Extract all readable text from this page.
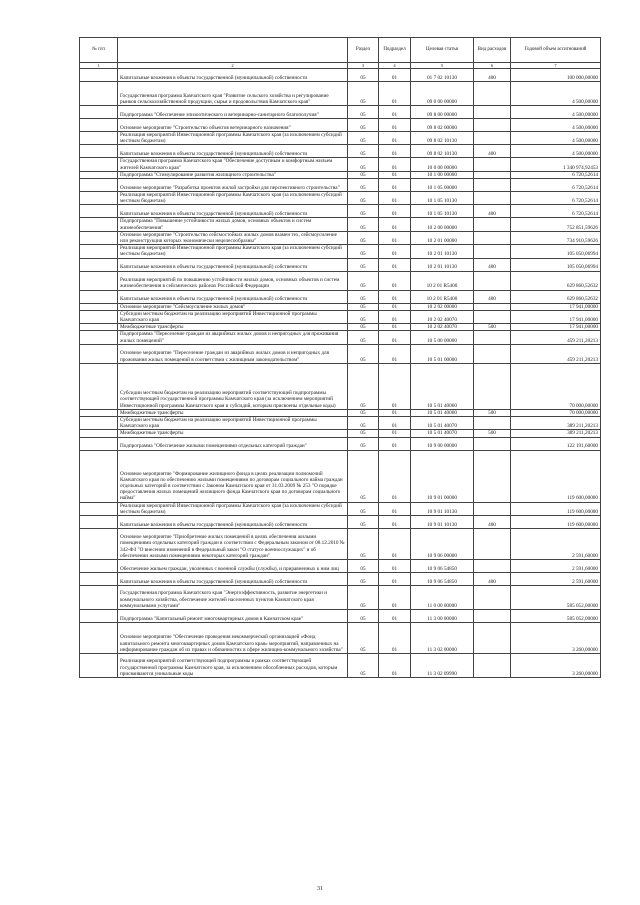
№ п/п		Раздел	Подраздел	Целевая статья	Вид расходов	Годовой объем ассигнований
1	2	3	4	5	6	7
	Капитальные вложения в объекты государственной (муниципальной) собственности	05	01	01 7 02 10130	400	100 000,00000
	Государственная программа Камчатского края "Развитие сельского хозяйства и регулирование рынков сельскохозяйственной продукции, сырья и продовольствия Камчатского края"	05	01	09 0 00 00000		4 500,00000
	Подпрограмма "Обеспечение эпизоотического и ветеринарно-санитарного благополучия"	05	01	09 8 00 00000		4 500,00000
	Основное мероприятие "Строительство объектов ветеринарного назначения"	05	01	09 8 02 00000		4 500,00000
	Реализация мероприятий Инвестиционной программы Камчатского края (за исключением субсидий местным бюджетам)	05	01	09 8 02 10130		4 500,00000
	Капитальные вложения в объекты государственной (муниципальной) собственности	05	01	09 8 02 10130	400	4 500,00000
	Государственная программа Камчатского края "Обеспечение доступным и комфортным жильем жителей Камчатского края"	05	01	10 0 00 00000		1 340 974,92453
	Подпрограмма "Стимулирование развития жилищного строительства"	05	01	10 1 00 00000		6 720,52614
	Основное мероприятие "Разработка проектов жилой застройки для перспективного строительства"	05	01	10 1 05 00000		6 720,52614
	Реализация мероприятий Инвестиционной программы Камчатского края (за исключением субсидий местным бюджетам)	05	01	10 1 05 10130		6 720,52614
	Капитальные вложения в объекты государственной (муниципальной) собственности	05	01	10 1 05 10130	400	6 720,52614
	Подпрограмма "Повышение устойчивости жилых домов, основных объектов и систем жизнеобеспечения"	05	01	10 2 00 00000		752 851,59626
	Основное мероприятие "Строительство сейсмостойких жилых домов взамен тех, сейсмоусиление или реконструкция которых экономически нецелесообразны"	05	01	10 2 01 00000		734 910,59626
	Реализация мероприятий Инвестиционной программы Камчатского края (за исключением субсидий местным бюджетам)	05	01	10 2 01 10130		105 050,06994
	Капитальные вложения в объекты государственной (муниципальной) собственности	05	01	10 2 01 10130	400	105 050,06994
	Реализация мероприятий по повышению устойчивости жилых домов, основных объектов и систем жизнеобеспечения в сейсмических районах Российской Федерации	05	01	10 2 01 R5400		629 860,52632
	Капитальные вложения в объекты государственной (муниципальной) собственности	05	01	10 2 01 R5400	400	629 860,52632
	Основное мероприятие "Сейсмоусиление жилых домов"	05	01	10 2 02 00000		17 941,00000
	Субсидии местным бюджетам на реализацию мероприятий Инвестиционной программы Камчатского края	05	01	10 2 02 40070		17 941,00000
	Межбюджетные трансферты	05	01	10 2 02 40070	500	17 941,00000
	Подпрограмма "Переселение граждан из аварийных жилых домов и непригодных для проживания жилых помещений"	05	01	10 5 00 00000		459 211,20213
	Основное мероприятие "Переселение граждан из аварийных жилых домов и непригодных для проживания жилых помещений в соответствии с жилищным законодательством"	05	01	10 5 01 00000		459 211,20213
	Субсидии местным бюджетам на реализацию мероприятий соответствующей подпрограммы соответствующей государственной программы Камчатского края (за исключением мероприятий Инвестиционной программы Камчатского края и субсидий, которым присвоены отдельные коды)	05	01	10 5 01 40060		70 000,00000
	Межбюджетные трансферты	05	01	10 5 01 40060	500	70 000,00000
	Субсидии местным бюджетам на реализацию мероприятий Инвестиционной программы Камчатского края	05	01	10 5 01 40070		389 211,20213
	Межбюджетные трансферты	05	01	10 5 01 40070	500	389 211,20213
	Подпрограмма "Обеспечение жилыми помещениями отдельных категорий граждан"	05	01	10 9 00 00000		122 191,60000
	Основное мероприятие "Формирование жилищного фонда в целях реализации полномочий Камчатского края по обеспечению жилыми помещениями по договорам социального найма граждан отдельных категорий в соответствии с Законом Камчатского края от 31.03.2009 № 253 "О порядке предоставления жилых помещений жилищного фонда Камчатского края по договорам социального найма"	05	01	10 9 01 00000		119 600,00000
	Реализация мероприятий Инвестиционной программы Камчатского края (за исключением субсидий местным бюджетам)	05	01	10 9 01 10130		119 600,00000
	Капитальные вложения в объекты государственной (муниципальной) собственности	05	01	10 9 01 10130	400	119 600,00000
	Основное мероприятие "Приобретение жилых помещений в целях обеспечения жилыми помещениями отдельных категорий граждан в соответствии с Федеральным законом от 08.12.2010 № 342-ФЗ "О внесении изменений в Федеральный закон "О статусе военнослужащих" и об обеспечении жилыми помещениями некоторых категорий граждан"	05	01	10 9 06 00000		2 591,60000
	Обеспечение жильем граждан, уволенных с военной службы (службы), и приравненных к ним лиц	05	01	10 9 06 54850		2 591,60000
	Капитальные вложения в объекты государственной (муниципальной) собственности	05	01	10 9 06 54850	400	2 591,60000
	Государственная программа Камчатского края "Энергоэффективность, развитие энергетики и коммунального хозяйства, обеспечение жителей населенных пунктов Камчатского края коммунальными услугами"	05	01	11 0 00 00000		585 052,00000
	Подпрограмма "Капитальный ремонт многоквартирных домов в Камчатском крае"	05	01	11 3 00 00000		585 052,00000
	Основное мероприятие "Обеспечение проведения некоммерческой организацией «Фонд капитального ремонта многоквартирных домов Камчатского края» мероприятий, направленных на информирование граждан об их правах и обязанностях в сфере жилищно-коммунального хозяйства"	05	01	11 3 02 00000		3 260,00000
	Реализация мероприятий соответствующей подпрограммы в рамках соответствующей государственной программы Камчатского края, за исключением обособленных расходов, которым присваиваются уникальные коды	05	01	11 3 02 09990		3 260,00000
31
